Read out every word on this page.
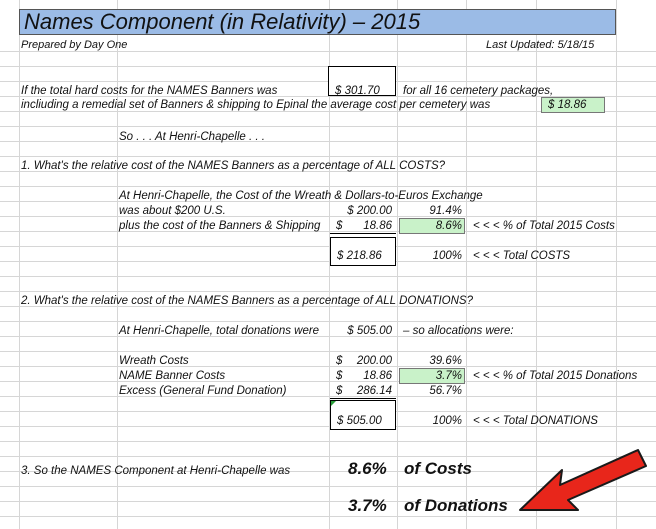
Names Component (in Relativity) – 2015
Prepared by Day One	Last Updated: 5/18/15
If the total hard costs for the NAMES Banners was	$ 301.70 for all 16 cemetery packages,
incliuding a remedial set of Banners & shipping to Epinal the average cost per cemetery was	$ 18.86
So . . . At Henri-Chapelle . . .
1. What's the relative cost of the NAMES Banners as a percentage of ALL COSTS?
At Henri-Chapelle, the Cost of the Wreath & Dollars-to-Euros Exchange
was about $200 U.S.	$ 200.00	91.4%
plus the cost of the Banners & Shipping $	18.86	8.6% < < < % of Total 2015 Costs
$ 218.86	100% < < < Total COSTS
2. What's the relative cost of the NAMES Banners as a percentage of ALL DONATIONS?
At Henri-Chapelle, total donations were	$ 505.00 – so allocations were:
Wreath Costs	$	200.00	39.6%
NAME Banner Costs	$	18.86	3.7% < < < % of Total 2015 Donations
Excess (General Fund Donation)	$	286.14	56.7%
$ 505.00	100% < < < Total DONATIONS
3. So the NAMES Component at Henri-Chapelle was	8.6% of Costs
3.7% of Donations
